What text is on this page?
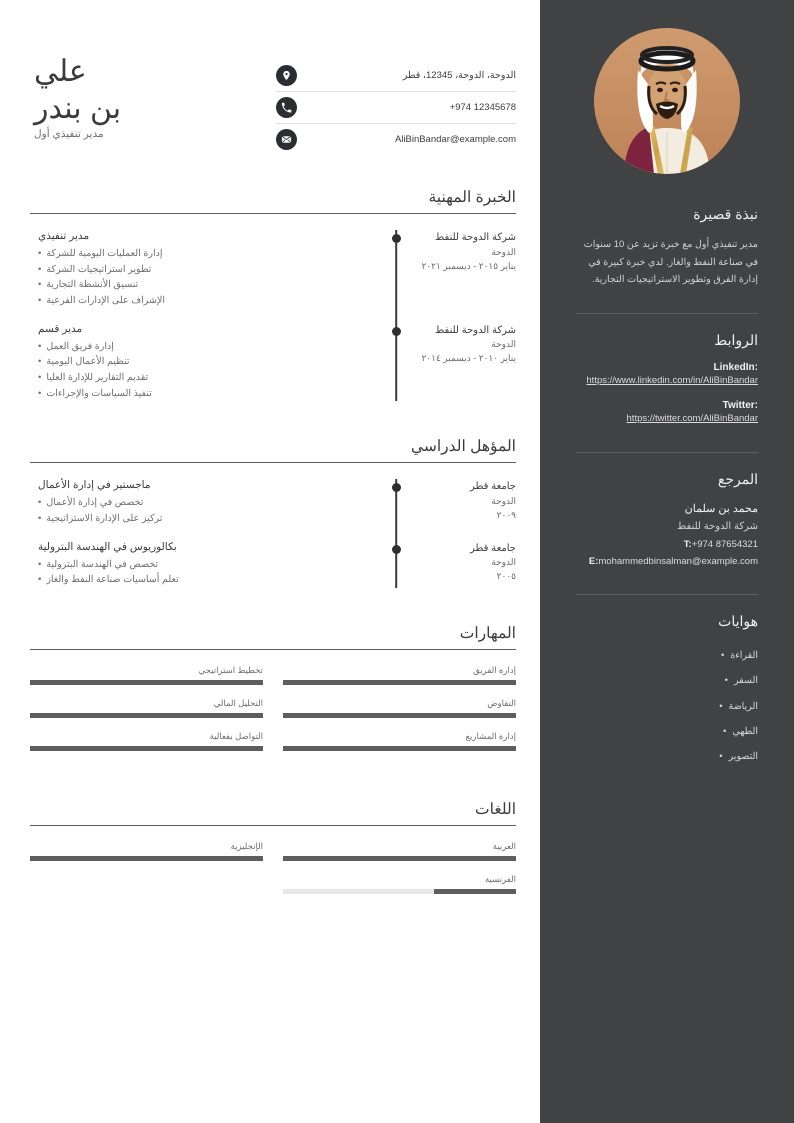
علي
بن بندر
مدير تنفيذي أول
الدوحة، الدوحة، 12345، قطر
‎+974 12345678
AliBinBandar@example.com
الخبرة المهنية
شركة الدوحة للنفط
الدوحة
يناير ٢٠١٥ - ديسمبر ٢٠٢١
مدير تنفيذي
إدارة العمليات اليومية للشركة •
تطوير استراتيجيات الشركة •
تنسيق الأنشطة التجارية •
الإشراف على الإدارات الفرعية •
شركة الدوحة للنفط
الدوحة
يناير ٢٠١٠ - ديسمبر ٢٠١٤
مدير قسم
إدارة فريق العمل •
تنظيم الأعمال اليومية •
تقديم التقارير للإدارة العليا •
تنفيذ السياسات والإجراءات •
المؤهل الدراسي
جامعة قطر
الدوحة
٢٠٠٩
ماجستير في إدارة الأعمال
تخصص في إدارة الأعمال •
تركيز على الإدارة الاستراتيجية •
جامعة قطر
الدوحة
٢٠٠٥
بكالوريوس في الهندسة البترولية
تخصص في الهندسة البترولية •
تعلم أساسيات صناعة النفط والغاز •
المهارات
إدارة الفريق
تخطيط استراتيجي
التفاوض
التحليل المالي
إدارة المشاريع
التواصل بفعالية
اللغات
العربية
الإنجليزية
الفرنسية
نبذة قصيرة
مدير تنفيذي أول مع خبرة تزيد عن 10 سنوات في صناعة النفط والغاز. لدي خبرة كبيرة في إدارة الفرق وتطوير الاستراتيجيات التجارية.
الروابط
LinkedIn:
https://www.linkedin.com/in/AliBinBandar
Twitter:
https://twitter.com/AliBinBandar
المرجع
محمد بن سلمان
شركة الدوحة للنفط
T:‎+974 87654321
E:mohammedbinsalman@example.com
هوايات
القراءة •
السفر •
الرياضة •
الطهي •
التصوير •
